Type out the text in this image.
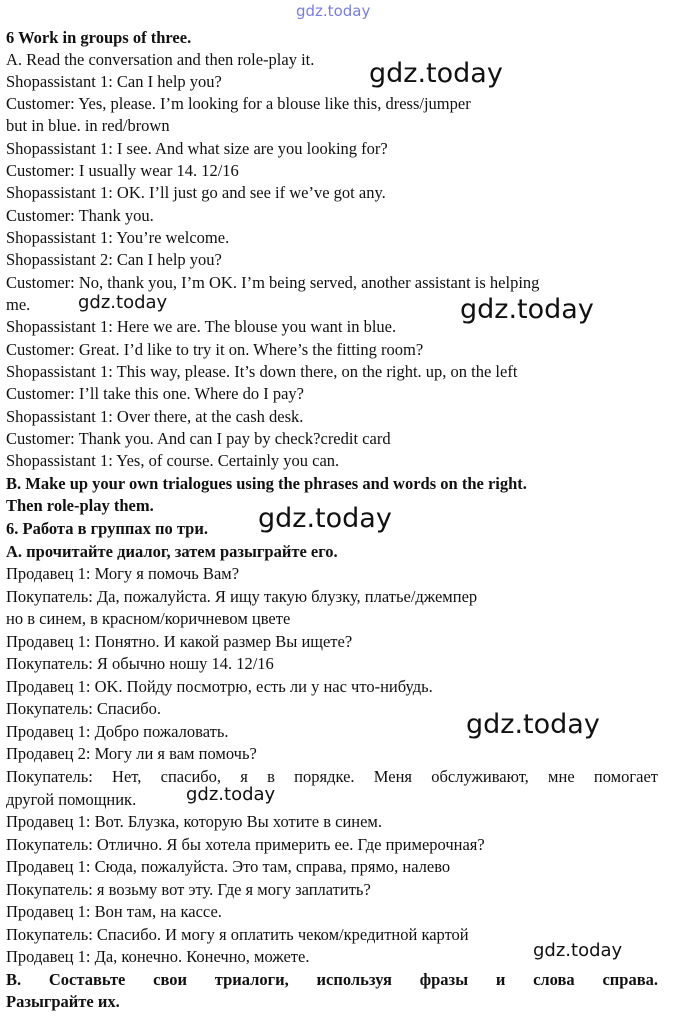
gdz.today
gdz.today
gdz.today	gdz.today
gdz.today
gdz.today
gdz.today
gdz.today
6 Work in groups of three.
A. Read the conversation and then role-play it.
Shopassistant 1: Can I help you?
Customer: Yes, please. I’m looking for a blouse like this, dress/jumper
but in blue. in red/brown
Shopassistant 1: I see. And what size are you looking for?
Customer: I usually wear 14. 12/16
Shopassistant 1: OK. I’ll just go and see if we’ve got any.
Customer: Thank you.
Shopassistant 1: You’re welcome.
Shopassistant 2: Can I help you?
Customer: No, thank you, I’m OK. I’m being served, another assistant is helping
me.
Shopassistant 1: Here we are. The blouse you want in blue.
Customer: Great. I’d like to try it on. Where’s the fitting room?
Shopassistant 1: This way, please. It’s down there, on the right. up, on the left
Customer: I’ll take this one. Where do I pay?
Shopassistant 1: Over there, at the cash desk.
Customer: Thank you. And can I pay by check?credit card
Shopassistant 1: Yes, of course. Certainly you can.
B. Make up your own trialogues using the phrases and words on the right.
Then role-play them.
6. Работа в группах по три.
А. прочитайте диалог, затем разыграйте его.
Продавец 1: Могу я помочь Вам?
Покупатель: Да, пожалуйста. Я ищу такую блузку, платье/джемпер
но в синем, в красном/коричневом цвете
Продавец 1: Понятно. И какой размер Вы ищете?
Покупатель: Я обычно ношу 14. 12/16
Продавец 1: OK. Пойду посмотрю, есть ли у нас что-нибудь.
Покупатель: Спасибо.
Продавец 1: Добро пожаловать.
Продавец 2: Могу ли я вам помочь?
Покупатель: Нет, спасибо, я в порядке. Меня обслуживают, мне помогает
другой помощник.
Продавец 1: Вот. Блузка, которую Вы хотите в синем.
Покупатель: Отлично. Я бы хотела примерить ее. Где примерочная?
Продавец 1: Сюда, пожалуйста. Это там, справа, прямо, налево
Покупатель: я возьму вот эту. Где я могу заплатить?
Продавец 1: Вон там, на кассе.
Покупатель: Спасибо. И могу я оплатить чеком/кредитной картой
Продавец 1: Да, конечно. Конечно, можете.
В. Составьте свои триалоги, используя фразы и слова справа.
Разыграйте их.
